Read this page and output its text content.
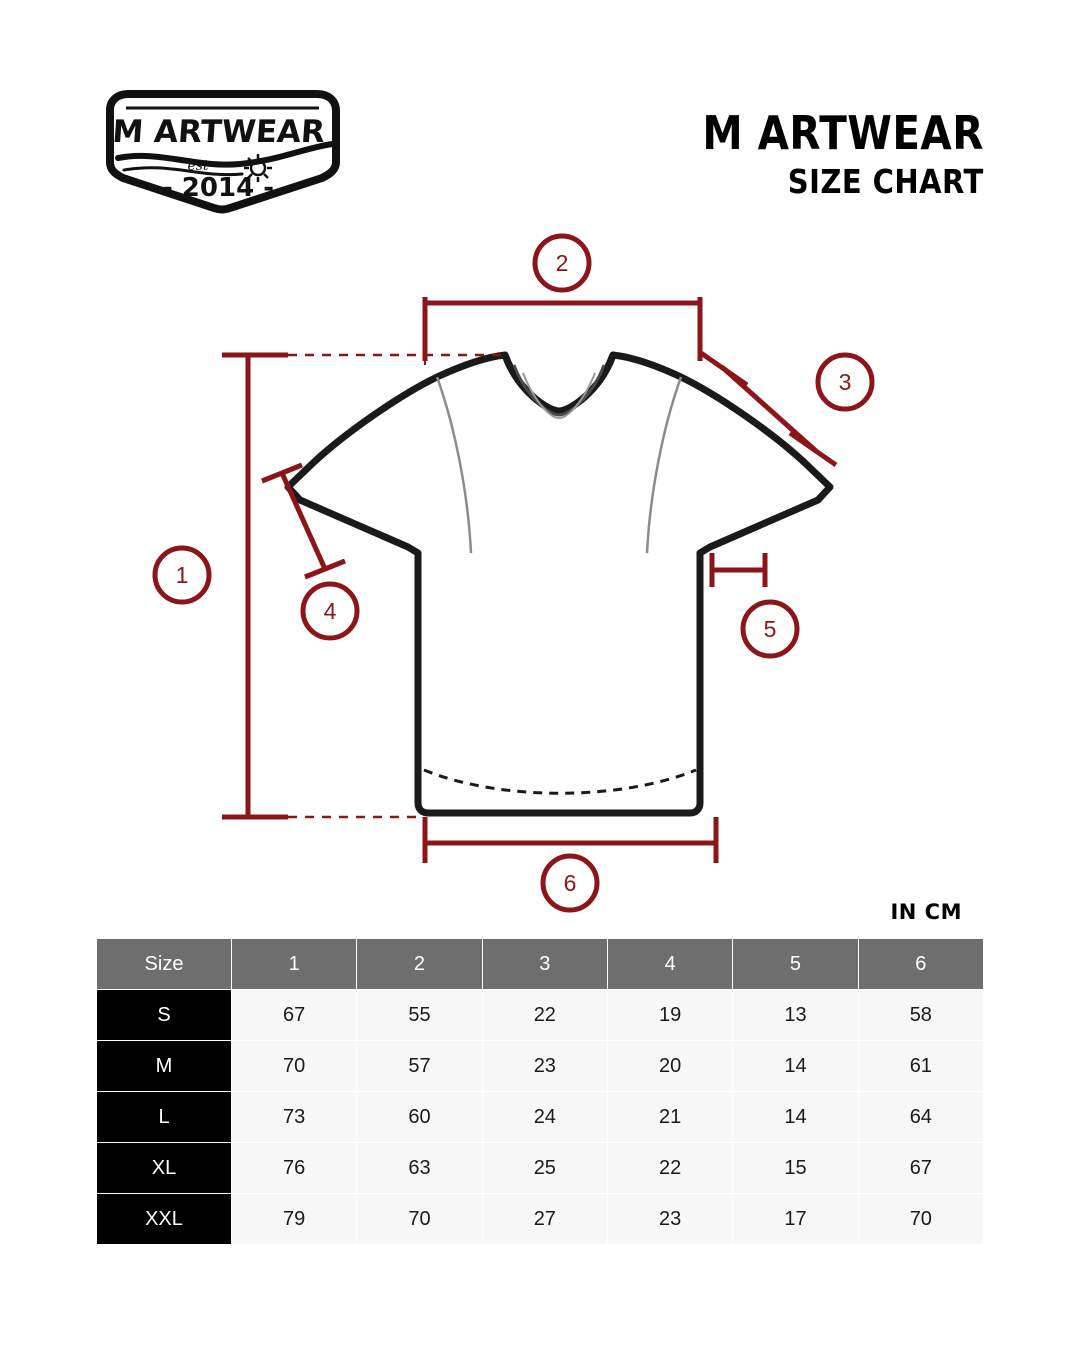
M ARTWEAR
est
- 2014 -
M ARTWEAR
SIZE CHART
2
1
3
4
5
6
IN CM
Size	1	2	3	4	5	6
S	67	55	22	19	13	58
M	70	57	23	20	14	61
L	73	60	24	21	14	64
XL	76	63	25	22	15	67
XXL	79	70	27	23	17	70
